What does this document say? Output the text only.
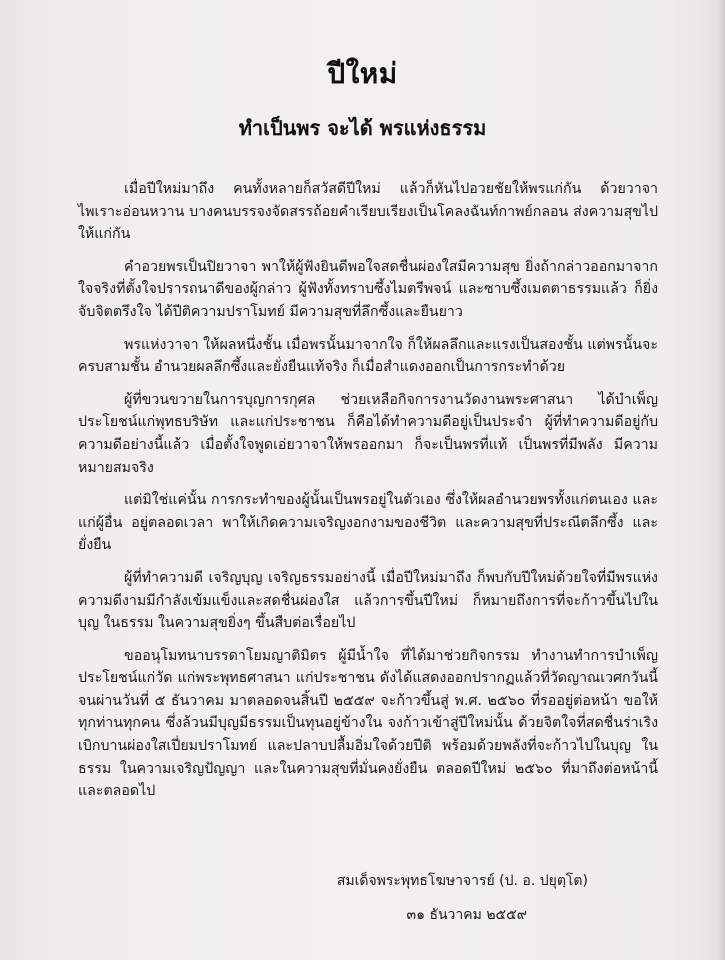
ปีใหม่
ทำเป็นพร จะได้ พรแห่งธรรม

เมื่อปีใหม่มาถึง คนทั้งหลายก็สวัสดีปีใหม่ แล้วก็หันไปอวยชัยให้พรแก่กัน ด้วยวาจาไพเราะอ่อนหวาน บางคนบรรจงจัดสรรถ้อยคำเรียบเรียงเป็นโคลงฉันท์กาพย์กลอน ส่งความสุขไปให้แก่กัน

คำอวยพรเป็นปิยวาจา พาให้ผู้ฟังยินดีพอใจสดชื่นผ่องใสมีความสุข ยิ่งถ้ากล่าวออกมาจากใจจริงที่ตั้งใจปรารถนาดีของผู้กล่าว ผู้ฟังทั้งทราบซึ้งไมตรีพจน์ และซาบซึ้งเมตตาธรรมแล้ว ก็ยิ่งจับจิตตรึงใจ ได้ปีติความปราโมทย์ มีความสุขที่ลึกซึ้งและยืนยาว

พรแห่งวาจา ให้ผลหนึ่งชั้น เมื่อพรนั้นมาจากใจ ก็ให้ผลลึกและแรงเป็นสองชั้น แต่พรนั้นจะครบสามชั้น อำนวยผลลึกซึ้งและยั่งยืนแท้จริง ก็เมื่อสำแดงออกเป็นการกระทำด้วย

ผู้ที่ขวนขวายในการบุญการกุศล ช่วยเหลือกิจการงานวัดงานพระศาสนา ได้บำเพ็ญประโยชน์แก่พุทธบริษัท และแก่ประชาชน ก็คือได้ทำความดีอยู่เป็นประจำ ผู้ที่ทำความดีอยู่กับความดีอย่างนี้แล้ว เมื่อตั้งใจพูดเอ่ยวาจาให้พรออกมา ก็จะเป็นพรที่แท้ เป็นพรที่มีพลัง มีความหมายสมจริง

แต่มิใช่แค่นั้น การกระทำของผู้นั้นเป็นพรอยู่ในตัวเอง ซึ่งให้ผลอำนวยพรทั้งแก่ตนเอง และแก่ผู้อื่น อยู่ตลอดเวลา พาให้เกิดความเจริญงอกงามของชีวิต และความสุขที่ประณีตลึกซึ้ง และยั่งยืน

ผู้ที่ทำความดี เจริญบุญ เจริญธรรมอย่างนี้ เมื่อปีใหม่มาถึง ก็พบกับปีใหม่ด้วยใจที่มีพรแห่งความดีงามมีกำลังเข้มแข็งและสดชื่นผ่องใส แล้วการขึ้นปีใหม่ ก็หมายถึงการที่จะก้าวขึ้นไปในบุญ ในธรรม ในความสุขยิ่งๆ ขึ้นสืบต่อเรื่อยไป

ขออนุโมทนาบรรดาโยมญาติมิตร ผู้มีน้ำใจ ที่ได้มาช่วยกิจกรรม ทำงานทำการบำเพ็ญประโยชน์แก่วัด แก่พระพุทธศาสนา แก่ประชาชน ดังได้แสดงออกปรากฏแล้วที่วัดญาณเวศกวันนี้ จนผ่านวันที่ ๕ ธันวาคม มาตลอดจนสิ้นปี ๒๕๕๙ จะก้าวขึ้นสู่ พ.ศ. ๒๕๖๐ ที่รออยู่ต่อหน้า ขอให้ทุกท่านทุกคน ซึ่งล้วนมีบุญมีธรรมเป็นทุนอยู่ข้างใน จงก้าวเข้าสู่ปีใหม่นั้น ด้วยจิตใจที่สดชื่นร่าเริงเบิกบานผ่องใสเปี่ยมปราโมทย์ และปลาบปลื้มอิ่มใจด้วยปีติ พร้อมด้วยพลังที่จะก้าวไปในบุญ ในธรรม ในความเจริญปัญญา และในความสุขที่มั่นคงยั่งยืน ตลอดปีใหม่ ๒๕๖๐ ที่มาถึงต่อหน้านี้ และตลอดไป

สมเด็จพระพุทธโฆษาจารย์ (ป. อ. ปยุตฺโต)
๓๑ ธันวาคม ๒๕๕๙
